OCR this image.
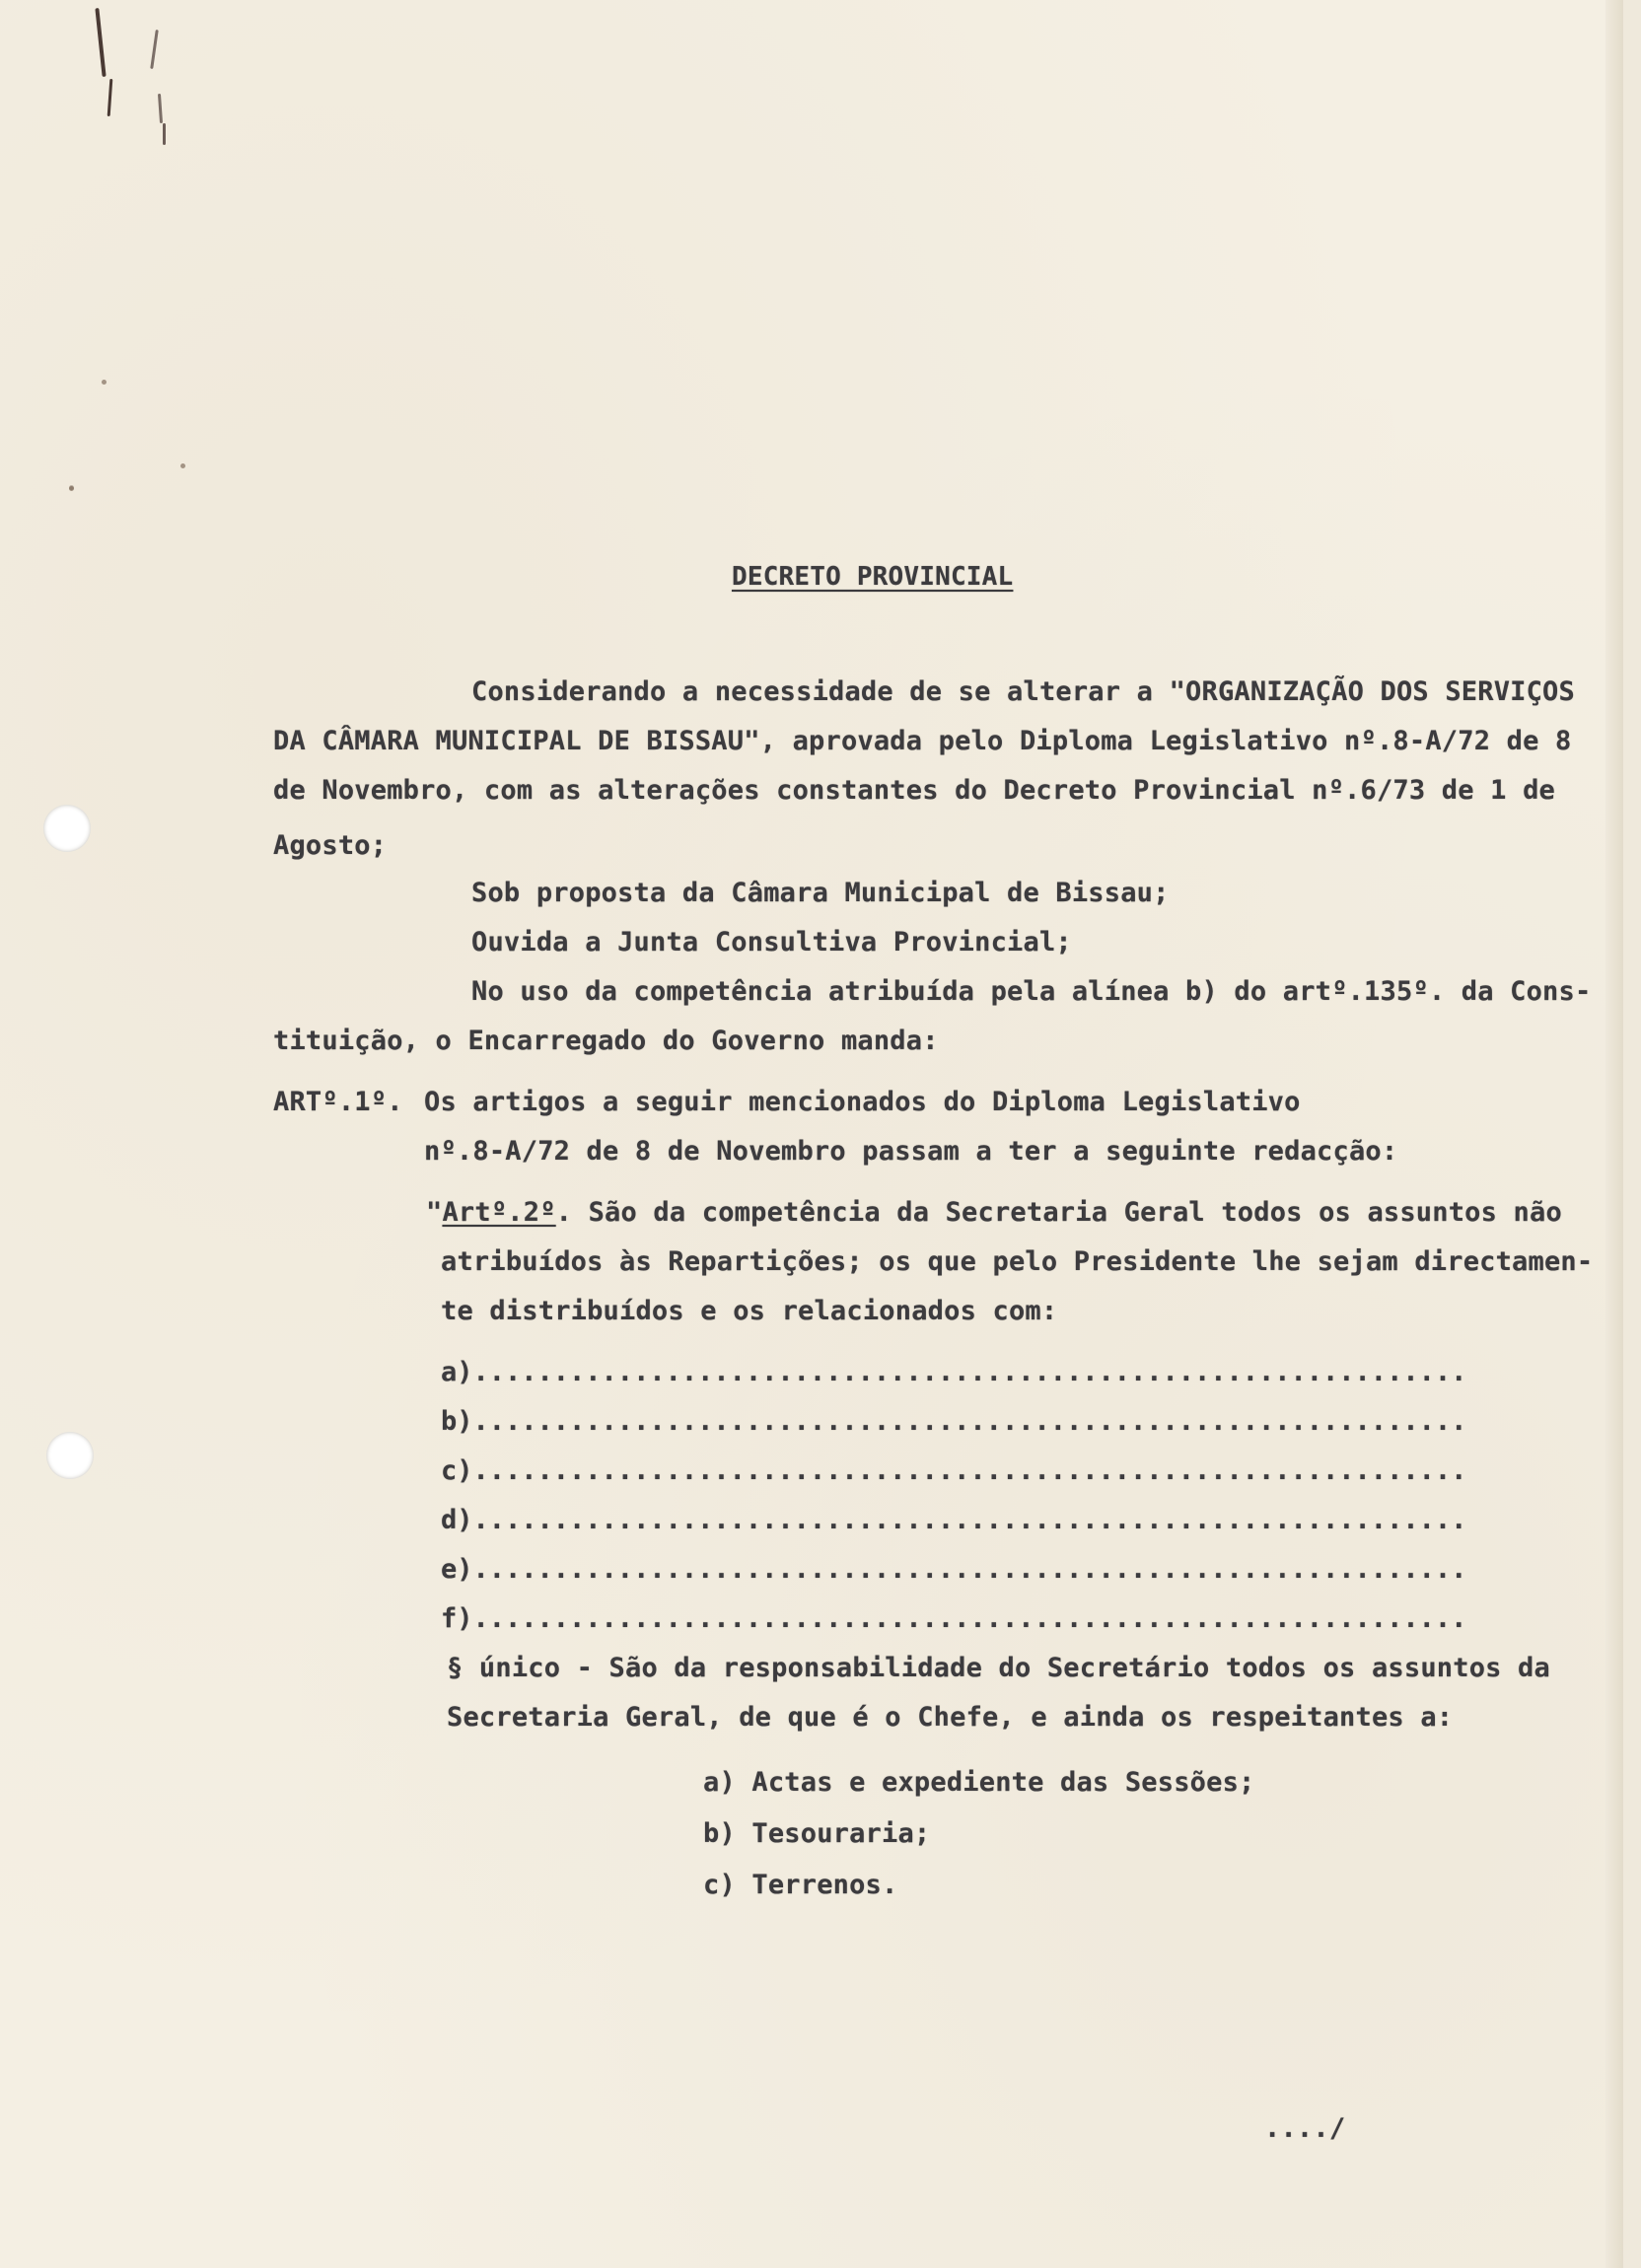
DECRETO PROVINCIAL
Considerando a necessidade de se alterar a "ORGANIZAÇÃO DOS SERVIÇOS
DA CÂMARA MUNICIPAL DE BISSAU", aprovada pelo Diploma Legislativo nº.8-A/72 de 8
de Novembro, com as alterações constantes do Decreto Provincial nº.6/73 de 1 de
Agosto;
Sob proposta da Câmara Municipal de Bissau;
Ouvida a Junta Consultiva Provincial;
No uso da competência atribuída pela alínea b) do artº.135º. da Cons-
tituição, o Encarregado do Governo manda:
ARTº.1º. Os artigos a seguir mencionados do Diploma Legislativo
nº.8-A/72 de 8 de Novembro passam a ter a seguinte redacção:
"Artº.2º. São da competência da Secretaria Geral todos os assuntos não
atribuídos às Repartições; os que pelo Presidente lhe sejam directamen-
te distribuídos e os relacionados com:
a)..............................................................
b)..............................................................
c)..............................................................
d)..............................................................
e)..............................................................
f)..............................................................
§ único - São da responsabilidade do Secretário todos os assuntos da
Secretaria Geral, de que é o Chefe, e ainda os respeitantes a:
a) Actas e expediente das Sessões;
b) Tesouraria;
c) Terrenos.
..../
